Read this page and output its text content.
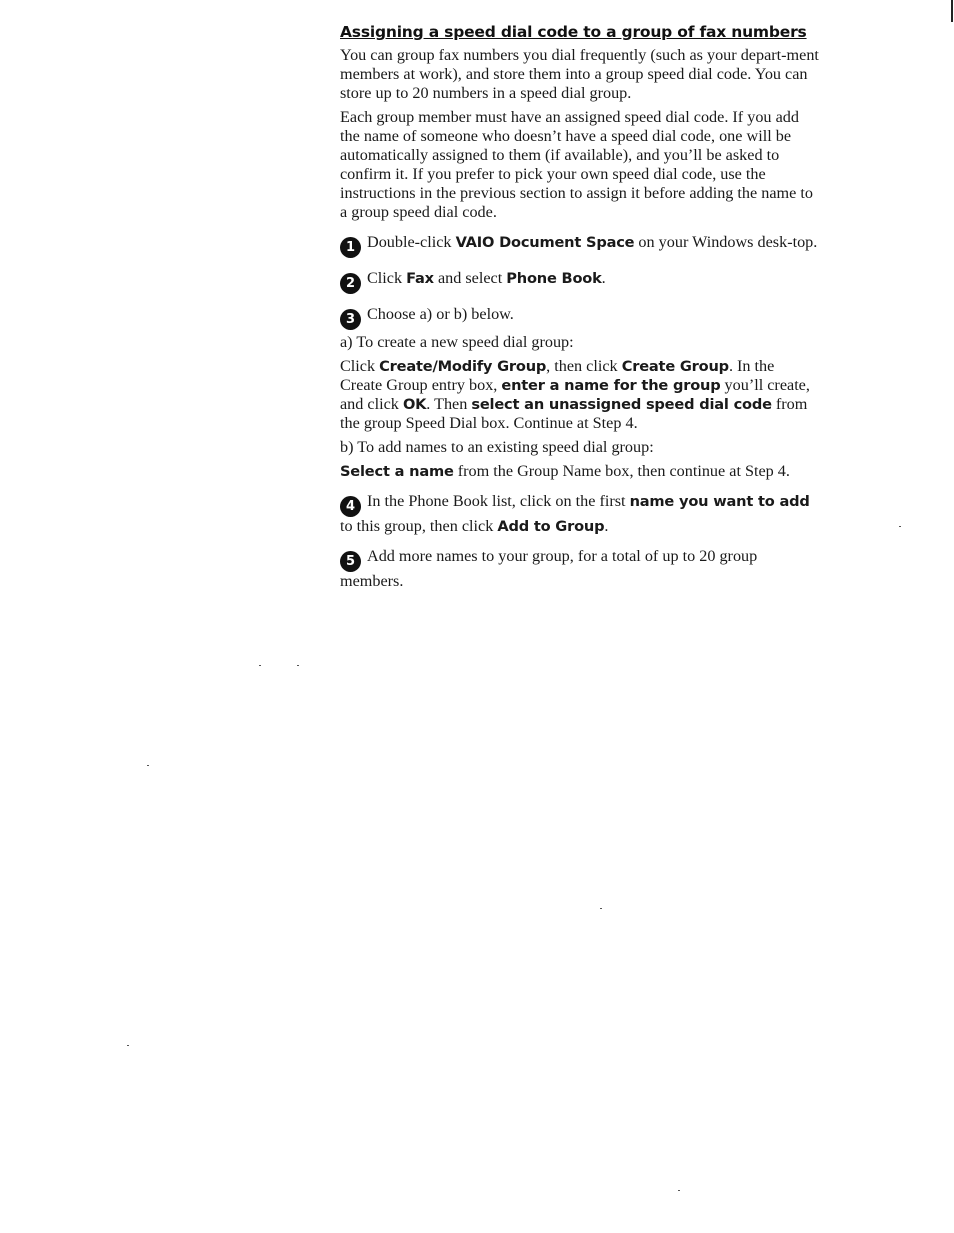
Assigning a speed dial code to a group of fax numbers

You can group fax numbers you dial frequently (such as your depart-ment members at work), and store them into a group speed dial code. You can store up to 20 numbers in a speed dial group.

Each group member must have an assigned speed dial code. If you add the name of someone who doesn’t have a speed dial code, one will be automatically assigned to them (if available), and you’ll be asked to confirm it. If you prefer to pick your own speed dial code, use the instructions in the previous section to assign it before adding the name to a group speed dial code.

1 Double-click VAIO Document Space on your Windows desk-top.

2 Click Fax and select Phone Book.

3 Choose a) or b) below.

a) To create a new speed dial group:

Click Create/Modify Group, then click Create Group. In the Create Group entry box, enter a name for the group you’ll create, and click OK. Then select an unassigned speed dial code from the group Speed Dial box. Continue at Step 4.

b) To add names to an existing speed dial group:

Select a name from the Group Name box, then continue at Step 4.

4 In the Phone Book list, click on the first name you want to add to this group, then click Add to Group.

5 Add more names to your group, for a total of up to 20 group members.
